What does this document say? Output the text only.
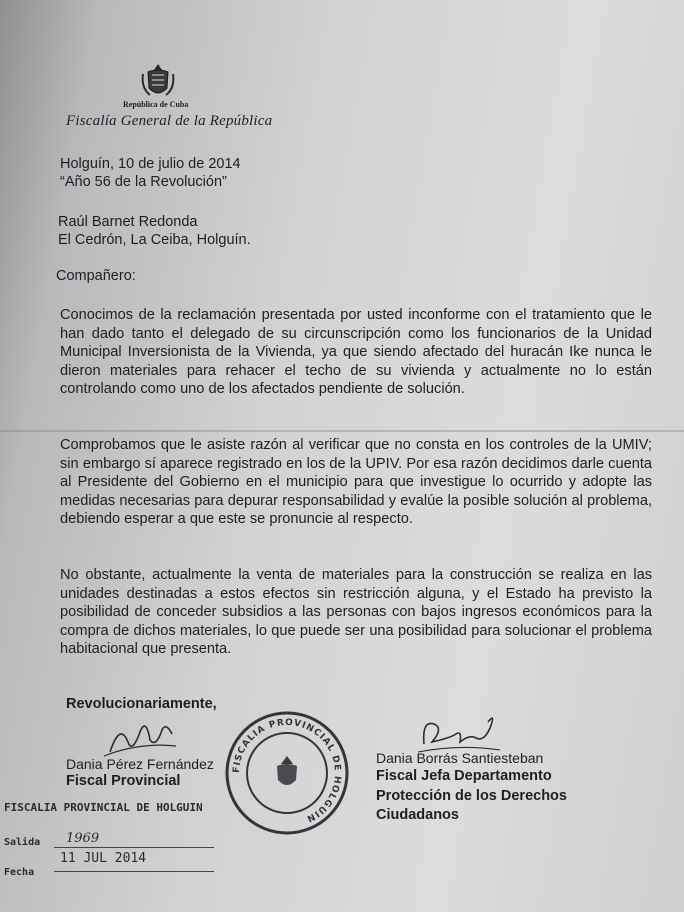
República de Cuba
Fiscalía General de la República
Holguín, 10 de julio de 2014
“Año 56 de la Revolución”
Raúl Barnet Redonda
El Cedrón, La Ceiba, Holguín.
Compañero:

Conocimos de la reclamación presentada por usted inconforme con el tratamiento que le han dado tanto el delegado de su circunscripción como los funcionarios de la Unidad Municipal Inversionista de la Vivienda, ya que siendo afectado del huracán Ike nunca le dieron materiales para rehacer el techo de su vivienda y actualmente no lo están controlando como uno de los afectados pendiente de solución.

Comprobamos que le asiste razón al verificar que no consta en los controles de la UMIV; sin embargo sí aparece registrado en los de la UPIV. Por esa razón decidimos darle cuenta al Presidente del Gobierno en el municipio para que investigue lo ocurrido y adopte las medidas necesarias para depurar responsabilidad y evalúe la posible solución al problema, debiendo esperar a que este se pronuncie al respecto.

No obstante, actualmente la venta de materiales para la construcción se realiza en las unidades destinadas a estos efectos sin restricción alguna, y el Estado ha previsto la posibilidad de conceder subsidios a las personas con bajos ingresos económicos para la compra de dichos materiales, lo que puede ser una posibilidad para solucionar el problema habitacional que presenta.

Revolucionariamente,
Dania Pérez Fernández
Fiscal Provincial
FISCALIA PROVINCIAL DE HOLGUIN
Dania Borrás Santiesteban
Fiscal Jefa Departamento
Protección de los Derechos
Ciudadanos
FISCALIA PROVINCIAL DE HOLGUIN
Salida 1969
11 JUL 2014
Fecha
